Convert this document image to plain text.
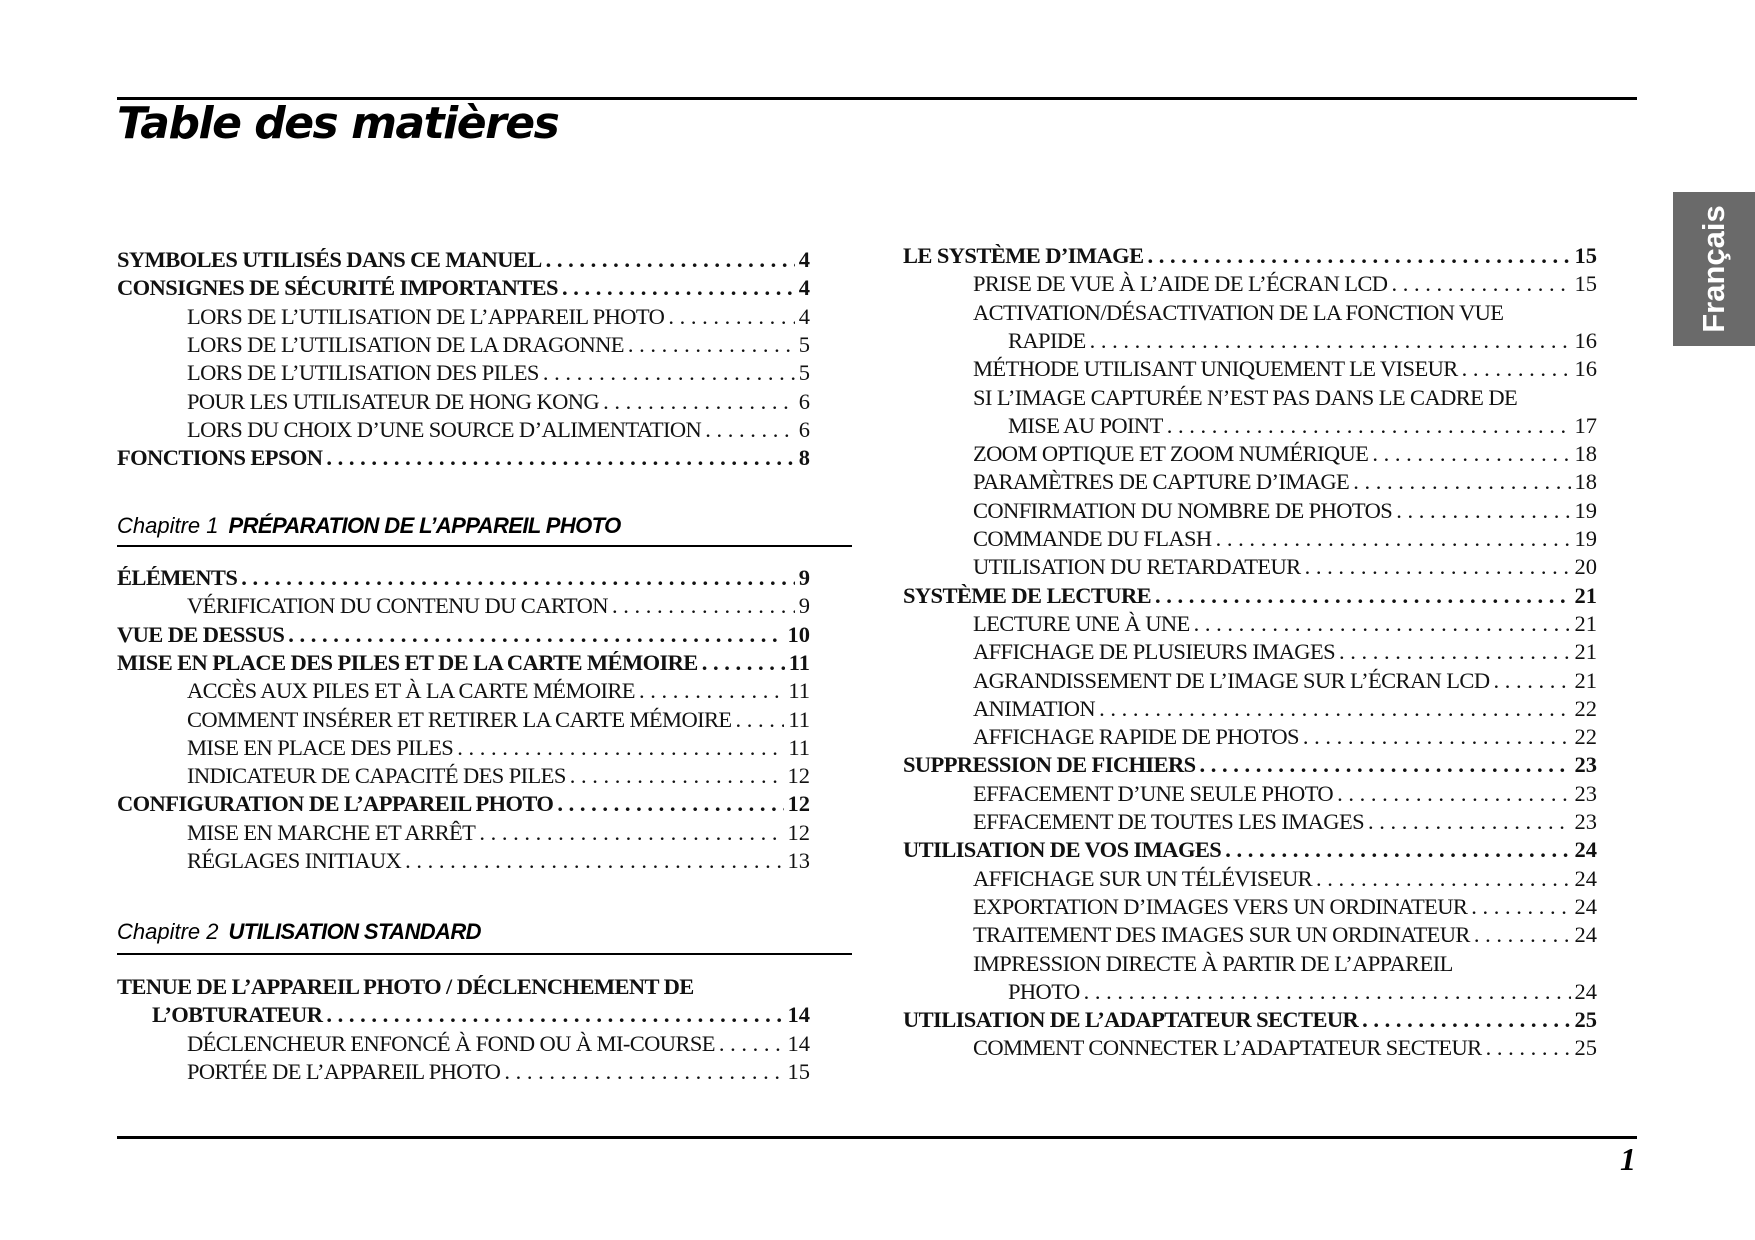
Table des matières
Français
SYMBOLES UTILISÉS DANS CE MANUEL . . .	4
CONSIGNES DE SÉCURITÉ IMPORTANTES . . .	4
LORS DE L’UTILISATION DE L’APPAREIL PHOTO . . .	4
LORS DE L’UTILISATION DE LA DRAGONNE . . .	5
LORS DE L’UTILISATION DES PILES . . .	5
POUR LES UTILISATEUR DE HONG KONG . . .	6
LORS DU CHOIX D’UNE SOURCE D’ALIMENTATION . . .	6
FONCTIONS EPSON . . .	8
ÉLÉMENTS . . .	9
VÉRIFICATION DU CONTENU DU CARTON . . .	9
VUE DE DESSUS . . .	10
MISE EN PLACE DES PILES ET DE LA CARTE MÉMOIRE . . .	11
ACCÈS AUX PILES ET À LA CARTE MÉMOIRE . . .	11
COMMENT INSÉRER ET RETIRER LA CARTE MÉMOIRE . . .	11
MISE EN PLACE DES PILES . . .	11
INDICATEUR DE CAPACITÉ DES PILES . . .	12
CONFIGURATION DE L’APPAREIL PHOTO . . .	12
MISE EN MARCHE ET ARRÊT . . .	12
RÉGLAGES INITIAUX . . .	13
TENUE DE L’APPAREIL PHOTO / DÉCLENCHEMENT DE
L’OBTURATEUR . . .	14
DÉCLENCHEUR ENFONCÉ À FOND OU À MI-COURSE . . .	14
PORTÉE DE L’APPAREIL PHOTO . . .	15
Chapitre 1 PRÉPARATION DE L’APPAREIL PHOTO
Chapitre 2 UTILISATION STANDARD
LE SYSTÈME D’IMAGE . . .	15
PRISE DE VUE À L’AIDE DE L’ÉCRAN LCD . . .	15
ACTIVATION/DÉSACTIVATION DE LA FONCTION VUE
RAPIDE . . .	16
MÉTHODE UTILISANT UNIQUEMENT LE VISEUR . . .	16
SI L’IMAGE CAPTURÉE N’EST PAS DANS LE CADRE DE
MISE AU POINT . . .	17
ZOOM OPTIQUE ET ZOOM NUMÉRIQUE . . .	18
PARAMÈTRES DE CAPTURE D’IMAGE . . .	18
CONFIRMATION DU NOMBRE DE PHOTOS . . .	19
COMMANDE DU FLASH . . .	19
UTILISATION DU RETARDATEUR . . .	20
SYSTÈME DE LECTURE . . .	21
LECTURE UNE À UNE . . .	21
AFFICHAGE DE PLUSIEURS IMAGES . . .	21
AGRANDISSEMENT DE L’IMAGE SUR L’ÉCRAN LCD . . .	21
ANIMATION . . .	22
AFFICHAGE RAPIDE DE PHOTOS . . .	22
SUPPRESSION DE FICHIERS . . .	23
EFFACEMENT D’UNE SEULE PHOTO . . .	23
EFFACEMENT DE TOUTES LES IMAGES . . .	23
UTILISATION DE VOS IMAGES . . .	24
AFFICHAGE SUR UN TÉLÉVISEUR . . .	24
EXPORTATION D’IMAGES VERS UN ORDINATEUR . . .	24
TRAITEMENT DES IMAGES SUR UN ORDINATEUR . . .	24
IMPRESSION DIRECTE À PARTIR DE L’APPAREIL
PHOTO . . .	24
UTILISATION DE L’ADAPTATEUR SECTEUR . . .	25
COMMENT CONNECTER L’ADAPTATEUR SECTEUR . . .	25
1
